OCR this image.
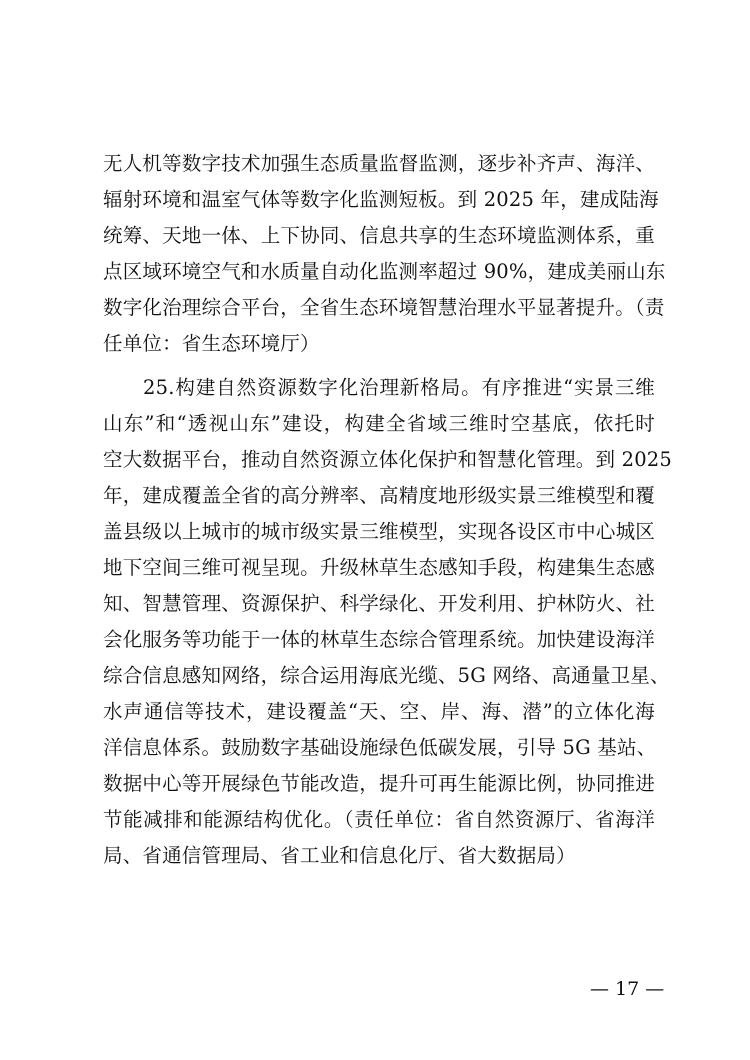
无人机等数字技术加强生态质量监督监测，逐步补齐声、海洋、
辐射环境和温室气体等数字化监测短板。到 2025 年，建成陆海
统筹、天地一体、上下协同、信息共享的生态环境监测体系，重
点区域环境空气和水质量自动化监测率超过 90%，建成美丽山东
数字化治理综合平台，全省生态环境智慧治理水平显著提升。（责
任单位：省生态环境厅）
25.构建自然资源数字化治理新格局。有序推进“实景三维
山东”和“透视山东”建设，构建全省域三维时空基底，依托时
空大数据平台，推动自然资源立体化保护和智慧化管理。到 2025
年，建成覆盖全省的高分辨率、高精度地形级实景三维模型和覆
盖县级以上城市的城市级实景三维模型，实现各设区市中心城区
地下空间三维可视呈现。升级林草生态感知手段，构建集生态感
知、智慧管理、资源保护、科学绿化、开发利用、护林防火、社
会化服务等功能于一体的林草生态综合管理系统。加快建设海洋
综合信息感知网络，综合运用海底光缆、5G 网络、高通量卫星、
水声通信等技术，建设覆盖“天、空、岸、海、潜”的立体化海
洋信息体系。鼓励数字基础设施绿色低碳发展，引导 5G 基站、
数据中心等开展绿色节能改造，提升可再生能源比例，协同推进
节能减排和能源结构优化。（责任单位：省自然资源厅、省海洋
局、省通信管理局、省工业和信息化厅、省大数据局）
— 17 —
